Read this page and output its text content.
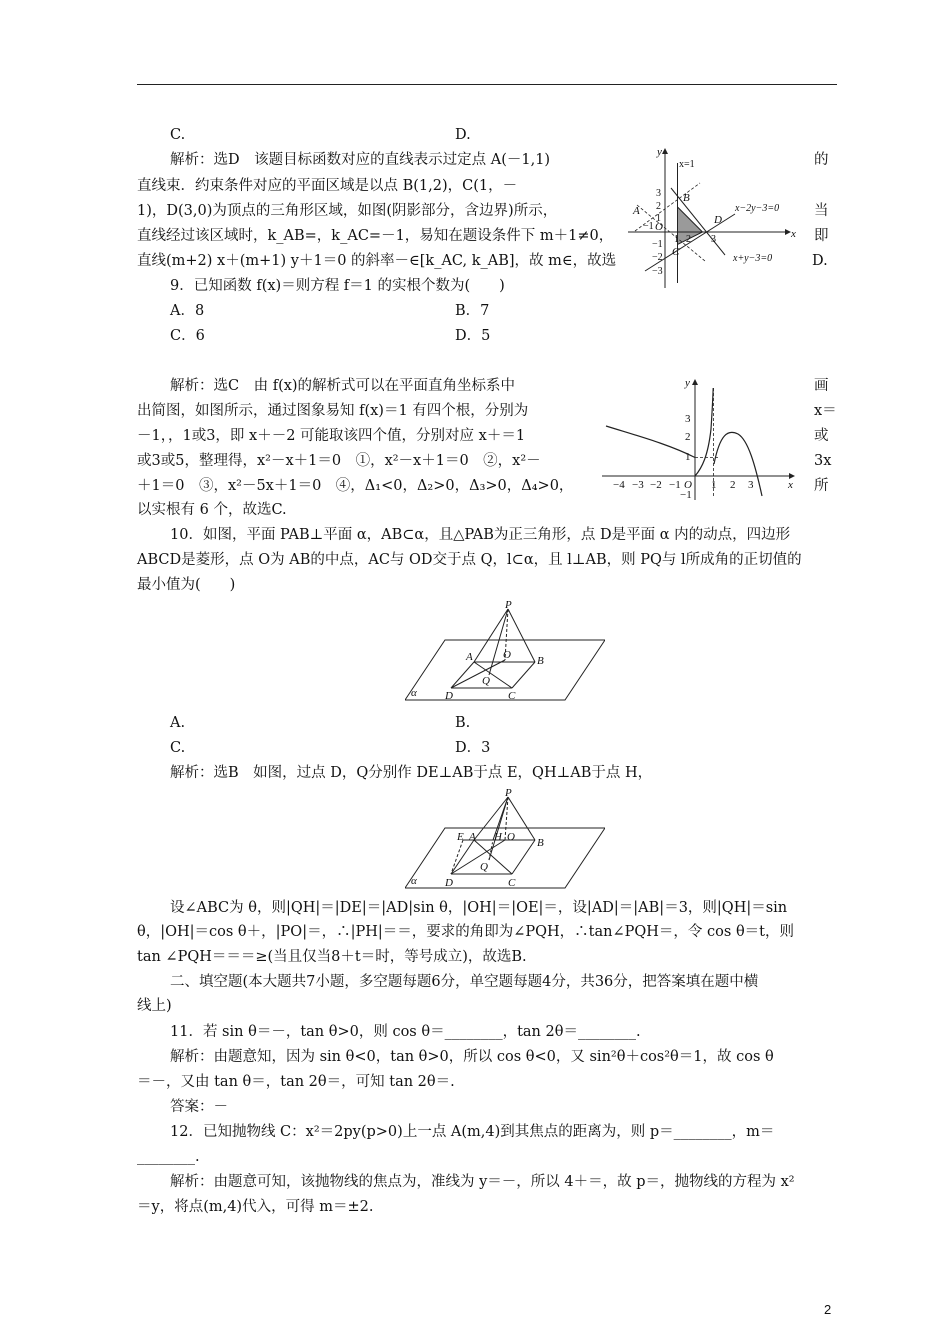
C.	D.
解析：选D　该题目标函数对应的直线表示过定点 A(－1,1)	的
直线束．约束条件对应的平面区域是以点 B(1,2)，C(1，－
1)，D(3,0)为顶点的三角形区域，如图(阴影部分，含边界)所示，	当
直线经过该区域时，k_AB=，k_AC=－1，易知在题设条件下 m＋1≠0，	即
直线(m+2) x＋(m+1) y＋1＝0 的斜率－∈[k_AC, k_AB]，故 m∈，故选	D.
9．已知函数 f(x)＝则方程 f＝1 的实根个数为(　　)
A．8	B．7
C．6	D．5
解析：选C　由 f(x)的解析式可以在平面直角坐标系中	画
出简图，如图所示，通过图象易知 f(x)＝1 有四个根，分别为	x＝
－1，，1或3，即 x＋－2 可能取该四个值，分别对应 x＋＝1	或
或3或5，整理得，x²－x＋1＝0　①，x²－x＋1＝0　②，x²－	3x
＋1＝0　③，x²－5x＋1＝0　④，Δ₁<0，Δ₂>0，Δ₃>0，Δ₄>0，	所
以实根有 6 个，故选C.
10．如图，平面 PAB⊥平面 α，AB⊂α，且△PAB为正三角形，点 D是平面 α 内的动点，四边形
ABCD是菱形，点 O为 AB的中点，AC与 OD交于点 Q，l⊂α，且 l⊥AB，则 PQ与 l所成角的正切值的
最小值为(　　)
A.	B.
C.	D．3
解析：选B　如图，过点 D，Q分别作 DE⊥AB于点 E，QH⊥AB于点 H，
设∠ABC为 θ，则|QH|＝|DE|＝|AD|sin θ，|OH|＝|OE|＝，设|AD|＝|AB|＝3，则|QH|＝sin
θ，|OH|＝cos θ＋，|PO|＝，∴|PH|＝＝，要求的角即为∠PQH，∴tan∠PQH＝，令 cos θ＝t，则
tan ∠PQH＝＝＝≥(当且仅当8＋t＝时，等号成立)，故选B.
二、填空题(本大题共7小题，多空题每题6分，单空题每题4分，共36分，把答案填在题中横
线上)
11．若 sin θ＝－，tan θ>0，则 cos θ＝________，tan 2θ＝________.
解析：由题意知，因为 sin θ<0，tan θ>0，所以 cos θ<0，又 sin²θ＋cos²θ＝1，故 cos θ
＝－，又由 tan θ＝，tan 2θ＝，可知 tan 2θ＝.
答案：－
12．已知抛物线 C：x²＝2py(p>0)上一点 A(m,4)到其焦点的距离为，则 p＝________，m＝
________.
解析：由题意可知，该抛物线的焦点为，准线为 y＝－，所以 4＋＝，故 p＝，抛物线的方程为 x²
＝y，将点(m,4)代入，可得 m＝±2.
y
x
x=1
x−2y−3=0
x+y−3=0
A
B
C
D
O
3
2
1
−1
−2
−3
−1
1 2 3
y
x
O
3
2
1
−1
−4 −3 −2 −1	1 2 3
P
A	O B
Q
D	C
α
P
E A H O B
Q
D	C
α
2
